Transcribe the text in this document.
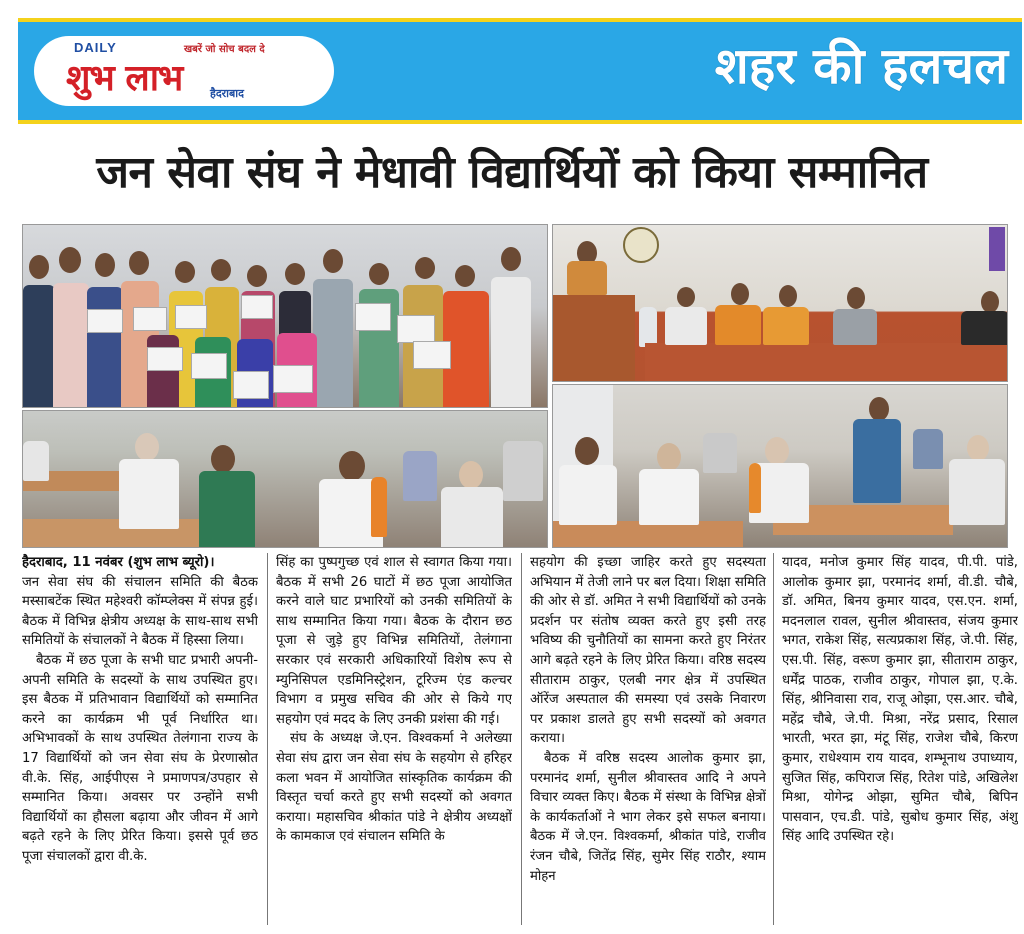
DAILY	खबरें जो सोच बदल दे
शुभ लाभ	हैदराबाद	शहर की हलचल
जन सेवा संघ ने मेधावी विद्यार्थियों को किया सम्मानित

हैदराबाद, 11 नवंबर (शुभ लाभ ब्यूरो)।

जन सेवा संघ की संचालन समिति की बैठक मस्साबटेंक स्थित महेश्वरी कॉम्प्लेक्स में संपन्न हुई। बैठक में विभिन्न क्षेत्रीय अध्यक्ष के साथ-साथ सभी समितियों के संचालकों ने बैठक में हिस्सा लिया।

बैठक में छठ पूजा के सभी घाट प्रभारी अपनी-अपनी समिति के सदस्यों के साथ उपस्थित हुए। इस बैठक में प्रतिभावान विद्यार्थियों को सम्मानित करने का कार्यक्रम भी पूर्व निर्धारित था। अभिभावकों के साथ उपस्थित तेलंगाना राज्य के 17 विद्यार्थियों को जन सेवा संघ के प्रेरणास्रोत वी.के. सिंह, आईपीएस ने प्रमाणपत्र/उपहार से सम्मानित किया। अवसर पर उन्होंने सभी विद्यार्थियों का हौसला बढ़ाया और जीवन में आगे बढ़ते रहने के लिए प्रेरित किया। इससे पूर्व छठ पूजा संचालकों द्वारा वी.के.

सिंह का पुष्पगुच्छ एवं शाल से स्वागत किया गया। बैठक में सभी 26 घाटों में छठ पूजा आयोजित करने वाले घाट प्रभारियों को उनकी समितियों के साथ सम्मानित किया गया। बैठक के दौरान छठ पूजा से जुड़े हुए विभिन्न समितियों, तेलंगाना सरकार एवं सरकारी अधिकारियों विशेष रूप से म्युनिसिपल एडमिनिस्ट्रेशन, टूरिज्म एंड कल्चर विभाग व प्रमुख सचिव की ओर से किये गए सहयोग एवं मदद के लिए उनकी प्रशंसा की गई।

संघ के अध्यक्ष जे.एन. विश्वकर्मा ने अलेख्या सेवा संघ द्वारा जन सेवा संघ के सहयोग से हरिहर कला भवन में आयोजित सांस्कृतिक कार्यक्रम की विस्तृत चर्चा करते हुए सभी सदस्यों को अवगत कराया। महासचिव श्रीकांत पांडे ने क्षेत्रीय अध्यक्षों के कामकाज एवं संचालन समिति के

सहयोग की इच्छा जाहिर करते हुए सदस्यता अभियान में तेजी लाने पर बल दिया। शिक्षा समिति की ओर से डॉ. अमित ने सभी विद्यार्थियों को उनके प्रदर्शन पर संतोष व्यक्त करते हुए इसी तरह भविष्य की चुनौतियों का सामना करते हुए निरंतर आगे बढ़ते रहने के लिए प्रेरित किया। वरिष्ठ सदस्य सीताराम ठाकुर, एलबी नगर क्षेत्र में उपस्थित ऑरेंज अस्पताल की समस्या एवं उसके निवारण पर प्रकाश डालते हुए सभी सदस्यों को अवगत कराया।

बैठक में वरिष्ठ सदस्य आलोक कुमार झा, परमानंद शर्मा, सुनील श्रीवास्तव आदि ने अपने विचार व्यक्त किए। बैठक में संस्था के विभिन्न क्षेत्रों के कार्यकर्ताओं ने भाग लेकर इसे सफल बनाया।बैठक में जे.एन. विश्वकर्मा, श्रीकांत पांडे, राजीव रंजन चौबे, जितेंद्र सिंह, सुमेर सिंह राठौर, श्याम मोहन

यादव, मनोज कुमार सिंह यादव, पी.पी. पांडे, आलोक कुमार झा, परमानंद शर्मा, वी.डी. चौबे, डॉ. अमित, बिनय कुमार यादव, एस.एन. शर्मा, मदनलाल रावल, सुनील श्रीवास्तव, संजय कुमार भगत, राकेश सिंह, सत्यप्रकाश सिंह, जे.पी. सिंह, एस.पी. सिंह, वरूण कुमार झा, सीताराम ठाकुर, धर्मेंद्र पाठक, राजीव ठाकुर, गोपाल झा, ए.के. सिंह, श्रीनिवासा राव, राजू ओझा, एस.आर. चौबे, महेंद्र चौबे, जे.पी. मिश्रा, नरेंद्र प्रसाद, रिसाल भारती, भरत झा, मंटू सिंह, राजेश चौबे, किरण कुमार, राधेश्याम राय यादव, शम्भूनाथ उपाध्याय, सुजित सिंह, कपिराज सिंह, रितेश पांडे, अखिलेश मिश्रा, योगेन्द्र ओझा, सुमित चौबे, बिपिन पासवान, एच.डी. पांडे, सुबोध कुमार सिंह, अंशु सिंह आदि उपस्थित रहे।
